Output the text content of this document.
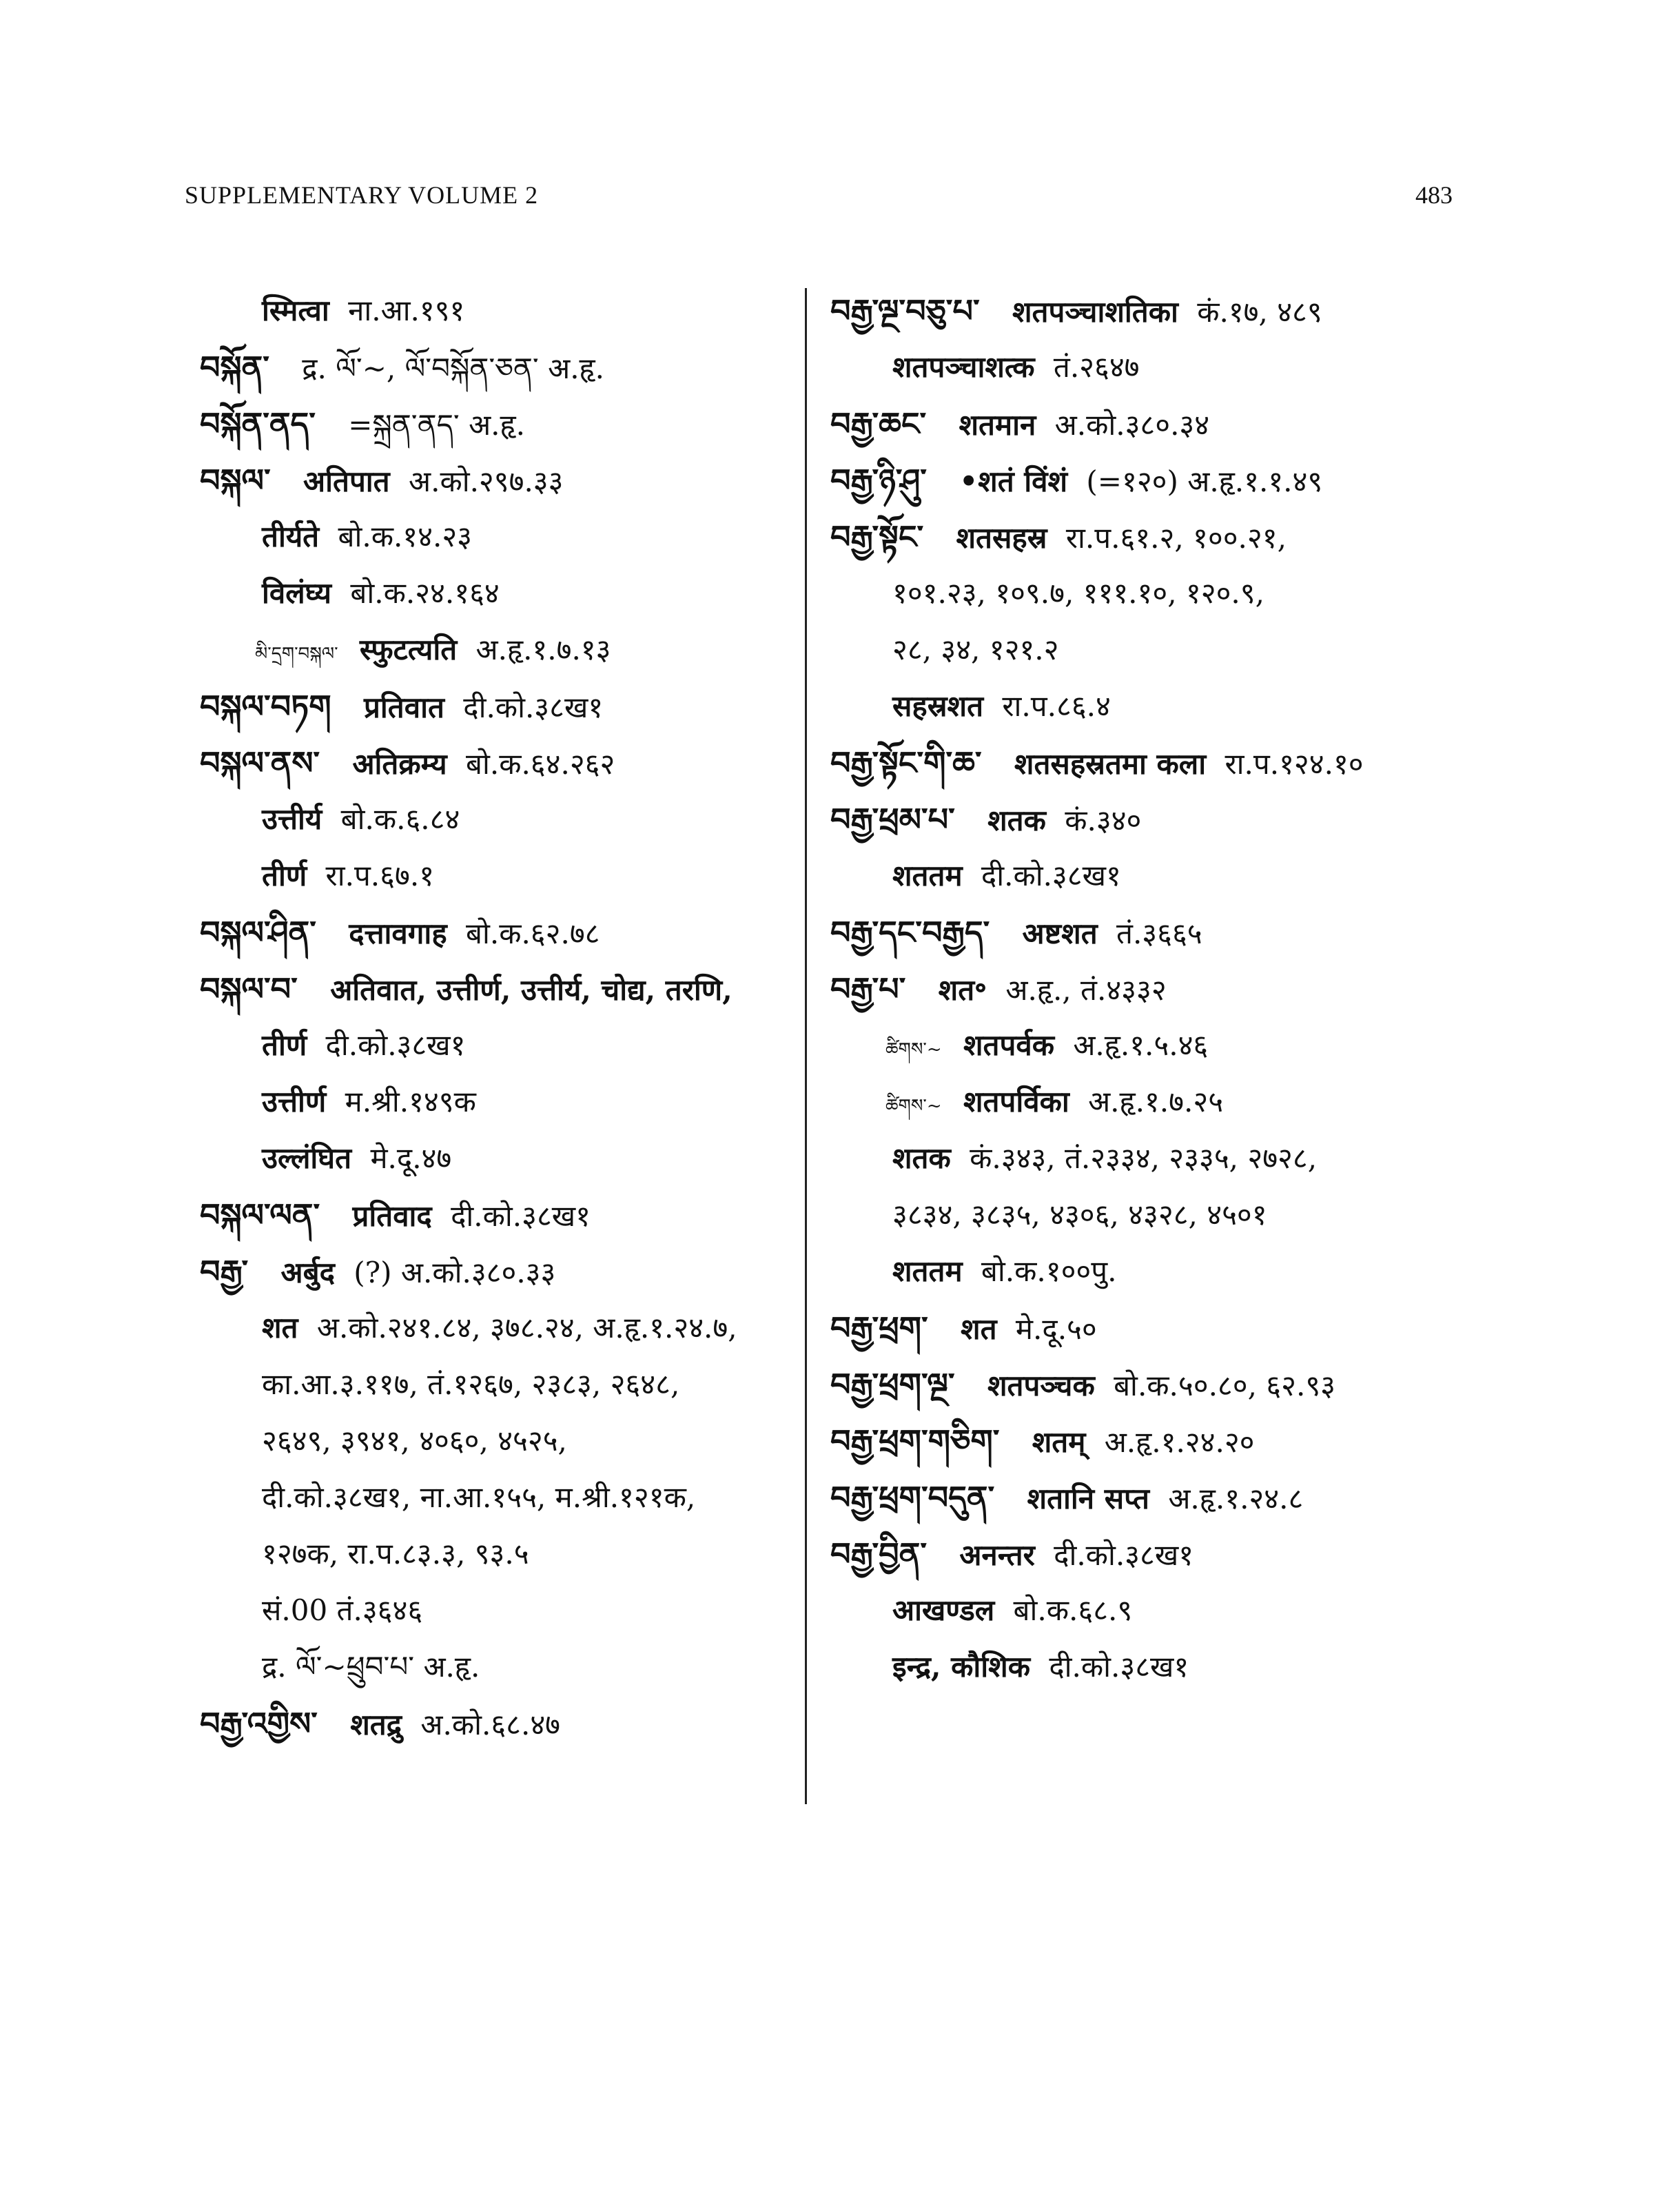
SUPPLEMENTARY VOLUME 2	483
स्मित्वा ना.आ.१९१
བསྐོན་ द्र. ལོ་~, ལོ་བསྐོན་ཅན་ अ.हृ.
བསྐོན་ནད་ =སྐྲན་ནད་ अ.हृ.
བསྐལ་ अतिपात अ.को.२९७.३३
तीर्यते बो.क.१४.२३
विलंघ्य बो.क.२४.१६४
མི་དྲག་བསྐལ་ स्फुटत्यति अ.हृ.१.७.१३
བསྐལ་བཏག प्रतिवात दी.को.३८ख१
བསྐལ་ནས་ अतिक्रम्य बो.क.६४.२६२
उत्तीर्य बो.क.६.८४
तीर्ण रा.प.६७.१
བསྐལ་ཤིན་ दत्तावगाह बो.क.६२.७८
བསྐལ་བ་ अतिवात, उत्तीर्ण, उत्तीर्य, चोद्य, तरणि,
तीर्ण दी.को.३८ख१
उत्तीर्ण म.श्री.१४९क
उल्लंघित मे.दू.४७
བསྐལ་ལན་ प्रतिवाद दी.को.३८ख१
བརྒྱ་ अर्बुद (?) अ.को.३८०.३३
शत अ.को.२४१.८४, ३७८.२४, अ.हृ.१.२४.७,
का.आ.३.११७, तं.१२६७, २३८३, २६४८,
२६४९, ३९४१, ४०६०, ४५२५,
दी.को.३८ख१, ना.आ.१५५, म.श्री.१२१क,
१२७क, रा.प.८३.३, ९३.५
सं.00 तं.३६४६
द्र. ལོ་~ཕྲུབ་པ་ अ.हृ.
བརྒྱ་འགྱིས་ शतद्रु अ.को.६८.४७
བརྒྱ་ལྔ་བཅུ་པ་ शतपञ्चाशतिका कं.१७, ४८९
शतपञ्चाशत्क तं.२६४७
བརྒྱ་ཆང་ शतमान अ.को.३८०.३४
བརྒྱ་ཉི་ཤུ་ •शतं विंशं (=१२०) अ.हृ.१.१.४९
བརྒྱ་སྟོང་ शतसहस्र रा.प.६१.२, १००.२१,
१०१.२३, १०९.७, १११.१०, १२०.९,
२८, ३४, १२१.२
सहस्रशत रा.प.८६.४
བརྒྱ་སྟོང་གི་ཆ་ शतसहस्रतमा कला रा.प.१२४.१०
བརྒྱ་ཕྲམ་པ་ शतक कं.३४०
शततम दी.को.३८ख१
བརྒྱ་དང་བརྒྱད་ अष्टशत तं.३६६५
བརྒྱ་པ་ शत॰ अ.हृ., तं.४३३२
ཚིགས་~ शतपर्वक अ.हृ.१.५.४६
ཚིགས་~ शतपर्विका अ.हृ.१.७.२५
शतक कं.३४३, तं.२३३४, २३३५, २७२८,
३८३४, ३८३५, ४३०६, ४३२८, ४५०१
शततम बो.क.१००पु.
བརྒྱ་ཕྲག་ शत मे.दू.५०
བརྒྱ་ཕྲག་ལྔ་ शतपञ्चक बो.क.५०.८०, ६२.९३
བརྒྱ་ཕྲག་གཅིག་ शतम् अ.हृ.१.२४.२०
བརྒྱ་ཕྲག་བདུན་ शतानि सप्त अ.हृ.१.२४.८
བརྒྱ་བྱིན་ अनन्तर दी.को.३८ख१
आखण्डल बो.क.६८.९
इन्द्र, कौशिक दी.को.३८ख१
